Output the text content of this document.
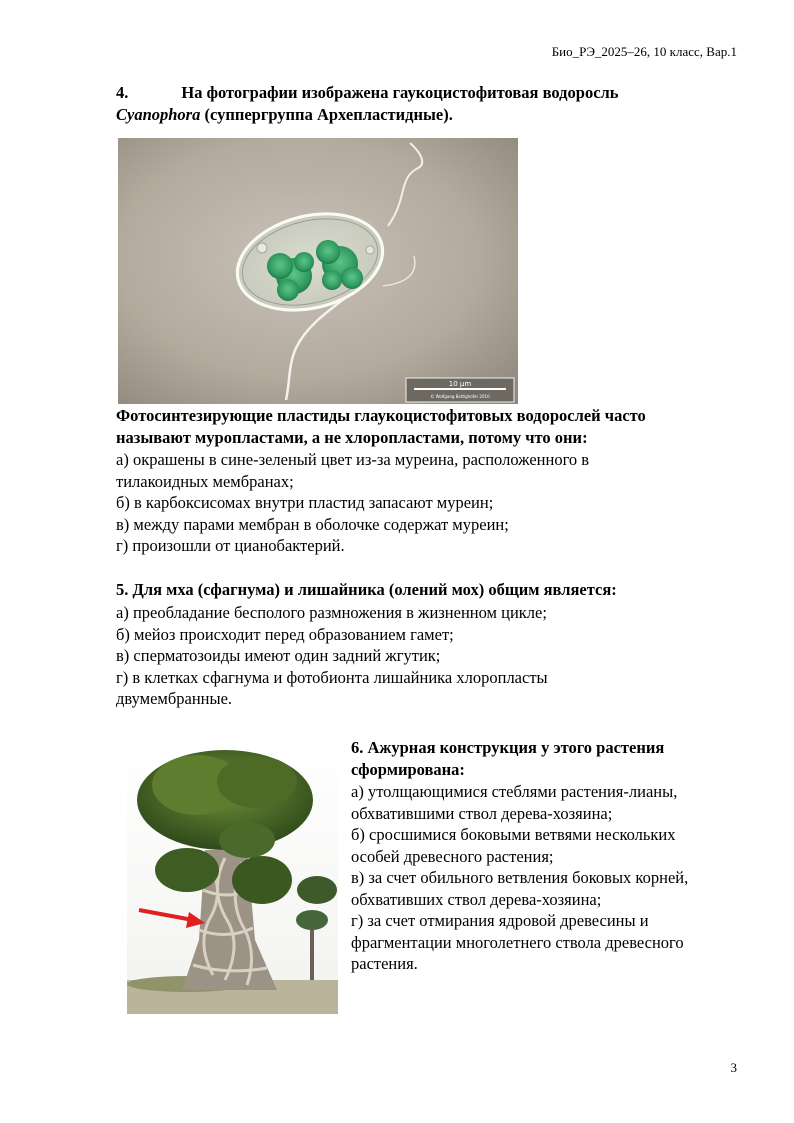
Био_РЭ_2025–26, 10 класс, Вар.1
4.	На фотографии изображена гаукоцистофитовая водоросль
Cyanophora (суппергруппа Архепластидные).
10 µm
© Wolfgang Bettighofer 2010
Фотосинтезирующие пластиды глаукоцистофитовых водорослей часто
называют муропластами, а не хлоропластами, потому что они:
а) окрашены в сине-зеленый цвет из-за муреина, расположенного в
тилакоидных мембранах;
б) в карбоксисомах внутри пластид запасают муреин;
в) между парами мембран в оболочке содержат муреин;
г) произошли от цианобактерий.
5. Для мха (сфагнума) и лишайника (олений мох) общим является:
а) преобладание бесполого размножения в жизненном цикле;
б) мейоз происходит перед образованием гамет;
в) сперматозоиды имеют один задний жгутик;
г) в клетках сфагнума и фотобионта лишайника хлоропласты
двумембранные.
6. Ажурная конструкция у этого растения
сформирована:
а) утолщающимися стеблями растения-лианы,
обхватившими ствол дерева-хозяина;
б) сросшимися боковыми ветвями нескольких
особей древесного растения;
в) за счет обильного ветвления боковых корней,
обхвативших ствол дерева-хозяина;
г) за счет отмирания ядровой древесины и
фрагментации многолетнего ствола древесного
растения.
3
